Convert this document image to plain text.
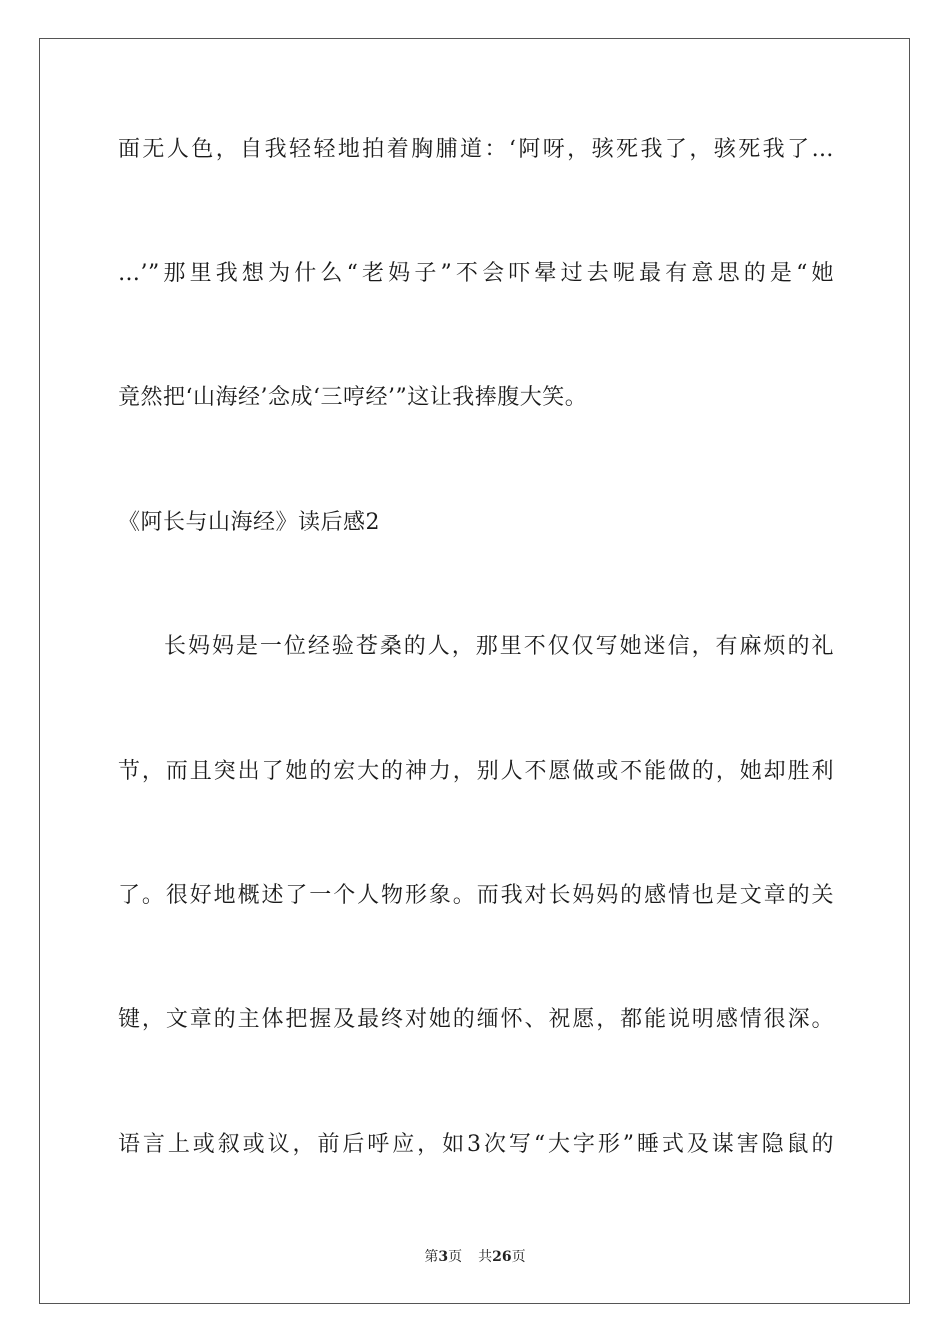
面无人色，自我轻轻地拍着胸脯道：‘阿呀，骇死我了，骇死我了…
…’”那里我想为什么“老妈子”不会吓晕过去呢最有意思的是“她
竟然把‘山海经’念成‘三哼经’”这让我捧腹大笑。
《阿长与山海经》读后感2
长妈妈是一位经验苍桑的人，那里不仅仅写她迷信，有麻烦的礼
节，而且突出了她的宏大的神力，别人不愿做或不能做的，她却胜利
了。很好地概述了一个人物形象。而我对长妈妈的感情也是文章的关
键，文章的主体把握及最终对她的缅怀、祝愿，都能说明感情很深。
语言上或叙或议，前后呼应，如3次写“大字形”睡式及谋害隐鼠的
第3页 共26页
